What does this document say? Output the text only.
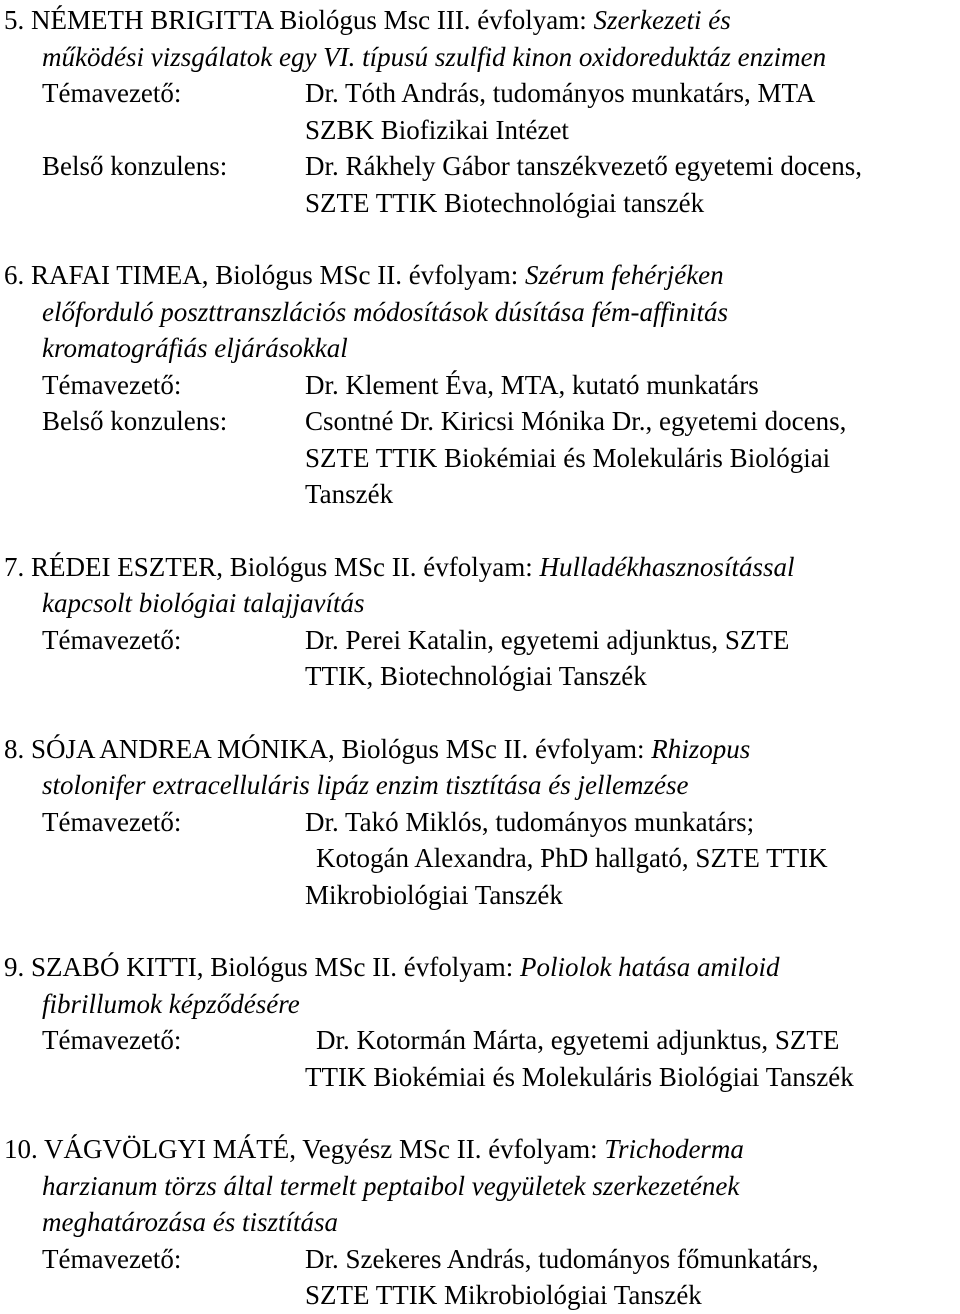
5. NÉMETH BRIGITTA Biológus Msc III. évfolyam: Szerkezeti és
működési vizsgálatok egy VI. típusú szulfid kinon oxidoreduktáz enzimen
Témavezető:	Dr. Tóth András, tudományos munkatárs, MTA
SZBK Biofizikai Intézet
Belső konzulens:	Dr. Rákhely Gábor tanszékvezető egyetemi docens,
SZTE TTIK Biotechnológiai tanszék
6. RAFAI TIMEA, Biológus MSc II. évfolyam: Szérum fehérjéken
előforduló poszttranszlációs módosítások dúsítása fém-affinitás
kromatográfiás eljárásokkal
Témavezető:	Dr. Klement Éva, MTA, kutató munkatárs
Belső konzulens:	Csontné Dr. Kiricsi Mónika Dr., egyetemi docens,
SZTE TTIK Biokémiai és Molekuláris Biológiai
Tanszék
7. RÉDEI ESZTER, Biológus MSc II. évfolyam: Hulladékhasznosítással
kapcsolt biológiai talajjavítás
Témavezető:	Dr. Perei Katalin, egyetemi adjunktus, SZTE
TTIK, Biotechnológiai Tanszék
8. SÓJA ANDREA MÓNIKA, Biológus MSc II. évfolyam: Rhizopus
stolonifer extracelluláris lipáz enzim tisztítása és jellemzése
Témavezető:	Dr. Takó Miklós, tudományos munkatárs;
Kotogán Alexandra, PhD hallgató, SZTE TTIK
Mikrobiológiai Tanszék
9. SZABÓ KITTI, Biológus MSc II. évfolyam: Poliolok hatása amiloid
fibrillumok képződésére
Témavezető:	Dr. Kotormán Márta, egyetemi adjunktus, SZTE
TTIK Biokémiai és Molekuláris Biológiai Tanszék
10. VÁGVÖLGYI MÁTÉ, Vegyész MSc II. évfolyam: Trichoderma
harzianum törzs által termelt peptaibol vegyületek szerkezetének
meghatározása és tisztítása
Témavezető:	Dr. Szekeres András, tudományos főmunkatárs,
SZTE TTIK Mikrobiológiai Tanszék
